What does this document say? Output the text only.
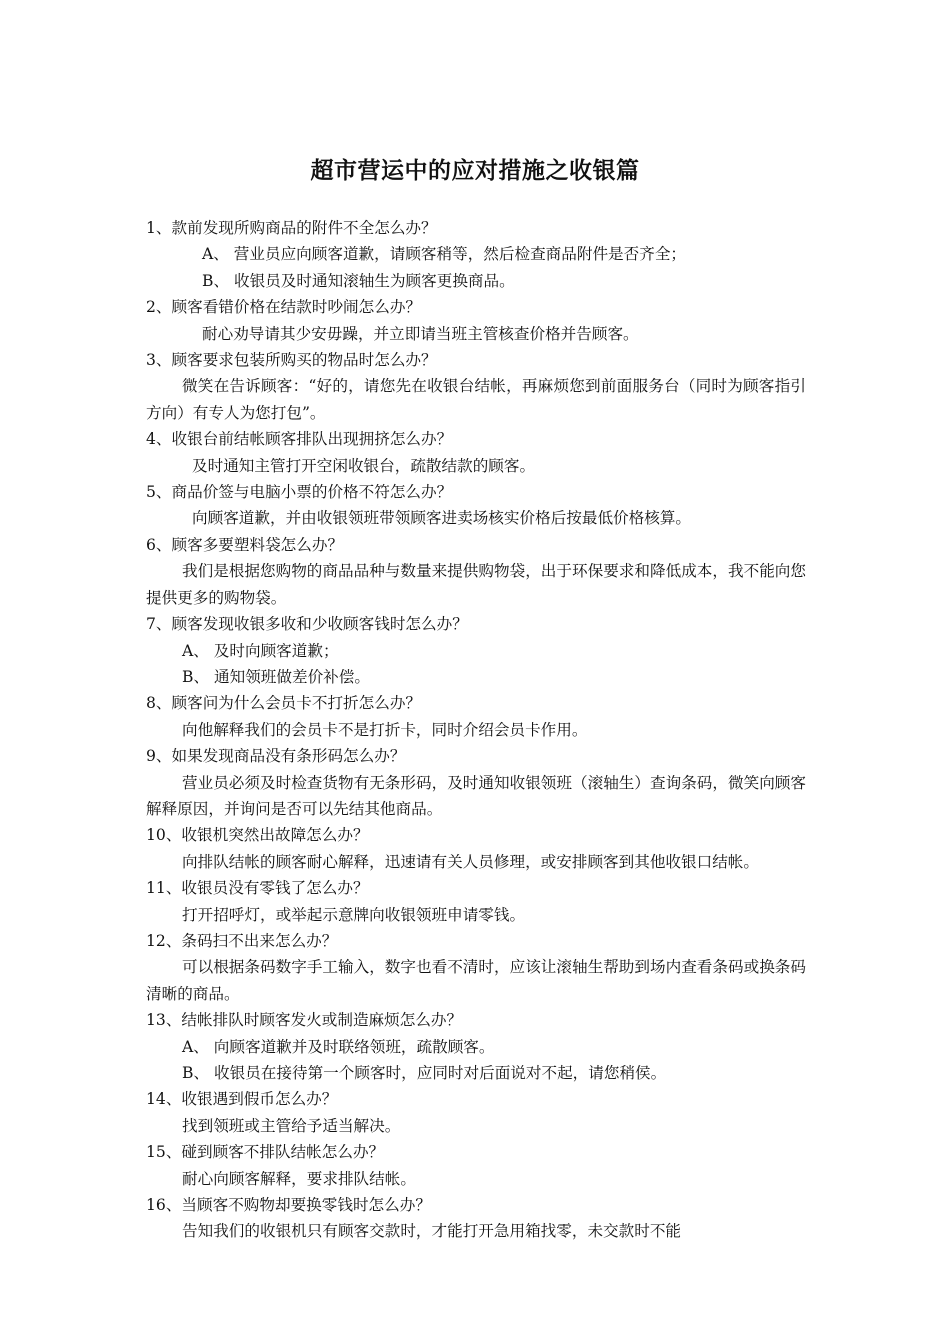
超市营运中的应对措施之收银篇

1、款前发现所购商品的附件不全怎么办？

A、 营业员应向顾客道歉，请顾客稍等，然后检查商品附件是否齐全；

B、 收银员及时通知滚轴生为顾客更换商品。

2、顾客看错价格在结款时吵闹怎么办？

耐心劝导请其少安毋躁，并立即请当班主管核查价格并告顾客。

3、顾客要求包装所购买的物品时怎么办？

微笑在告诉顾客：“好的，请您先在收银台结帐，再麻烦您到前面服务台（同时为顾客指引方向）有专人为您打包”。

4、收银台前结帐顾客排队出现拥挤怎么办？

及时通知主管打开空闲收银台，疏散结款的顾客。

5、商品价签与电脑小票的价格不符怎么办？

向顾客道歉，并由收银领班带领顾客进卖场核实价格后按最低价格核算。

6、顾客多要塑料袋怎么办？

我们是根据您购物的商品品种与数量来提供购物袋，出于环保要求和降低成本，我不能向您提供更多的购物袋。

7、顾客发现收银多收和少收顾客钱时怎么办？

A、 及时向顾客道歉；

B、 通知领班做差价补偿。

8、顾客问为什么会员卡不打折怎么办？

向他解释我们的会员卡不是打折卡，同时介绍会员卡作用。

9、如果发现商品没有条形码怎么办？

营业员必须及时检查货物有无条形码，及时通知收银领班（滚轴生）查询条码，微笑向顾客解释原因，并询问是否可以先结其他商品。

10、收银机突然出故障怎么办？

向排队结帐的顾客耐心解释，迅速请有关人员修理，或安排顾客到其他收银口结帐。

11、收银员没有零钱了怎么办？

打开招呼灯，或举起示意牌向收银领班申请零钱。

12、条码扫不出来怎么办？

可以根据条码数字手工输入，数字也看不清时，应该让滚轴生帮助到场内查看条码或换条码清晰的商品。

13、结帐排队时顾客发火或制造麻烦怎么办？

A、 向顾客道歉并及时联络领班，疏散顾客。

B、 收银员在接待第一个顾客时，应同时对后面说对不起，请您稍侯。

14、收银遇到假币怎么办？

找到领班或主管给予适当解决。

15、碰到顾客不排队结帐怎么办？

耐心向顾客解释，要求排队结帐。

16、当顾客不购物却要换零钱时怎么办？

告知我们的收银机只有顾客交款时，才能打开急用箱找零，未交款时不能
